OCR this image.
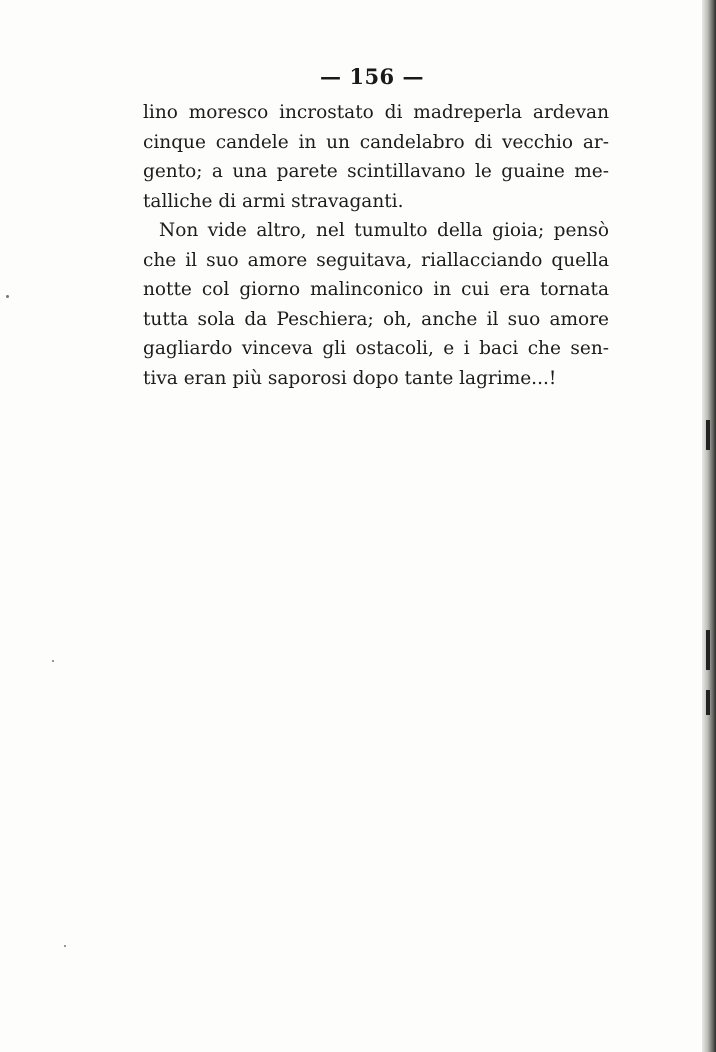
— 156 —
lino moresco incrostato di madreperla ardevan
cinque candele in un candelabro di vecchio ar-
gento; a una parete scintillavano le guaine me-
talliche di armi stravaganti.
Non vide altro, nel tumulto della gioia; pensò
che il suo amore seguitava, riallacciando quella
notte col giorno malinconico in cui era tornata
tutta sola da Peschiera; oh, anche il suo amore
gagliardo vinceva gli ostacoli, e i baci che sen-
tiva eran più saporosi dopo tante lagrime...!
